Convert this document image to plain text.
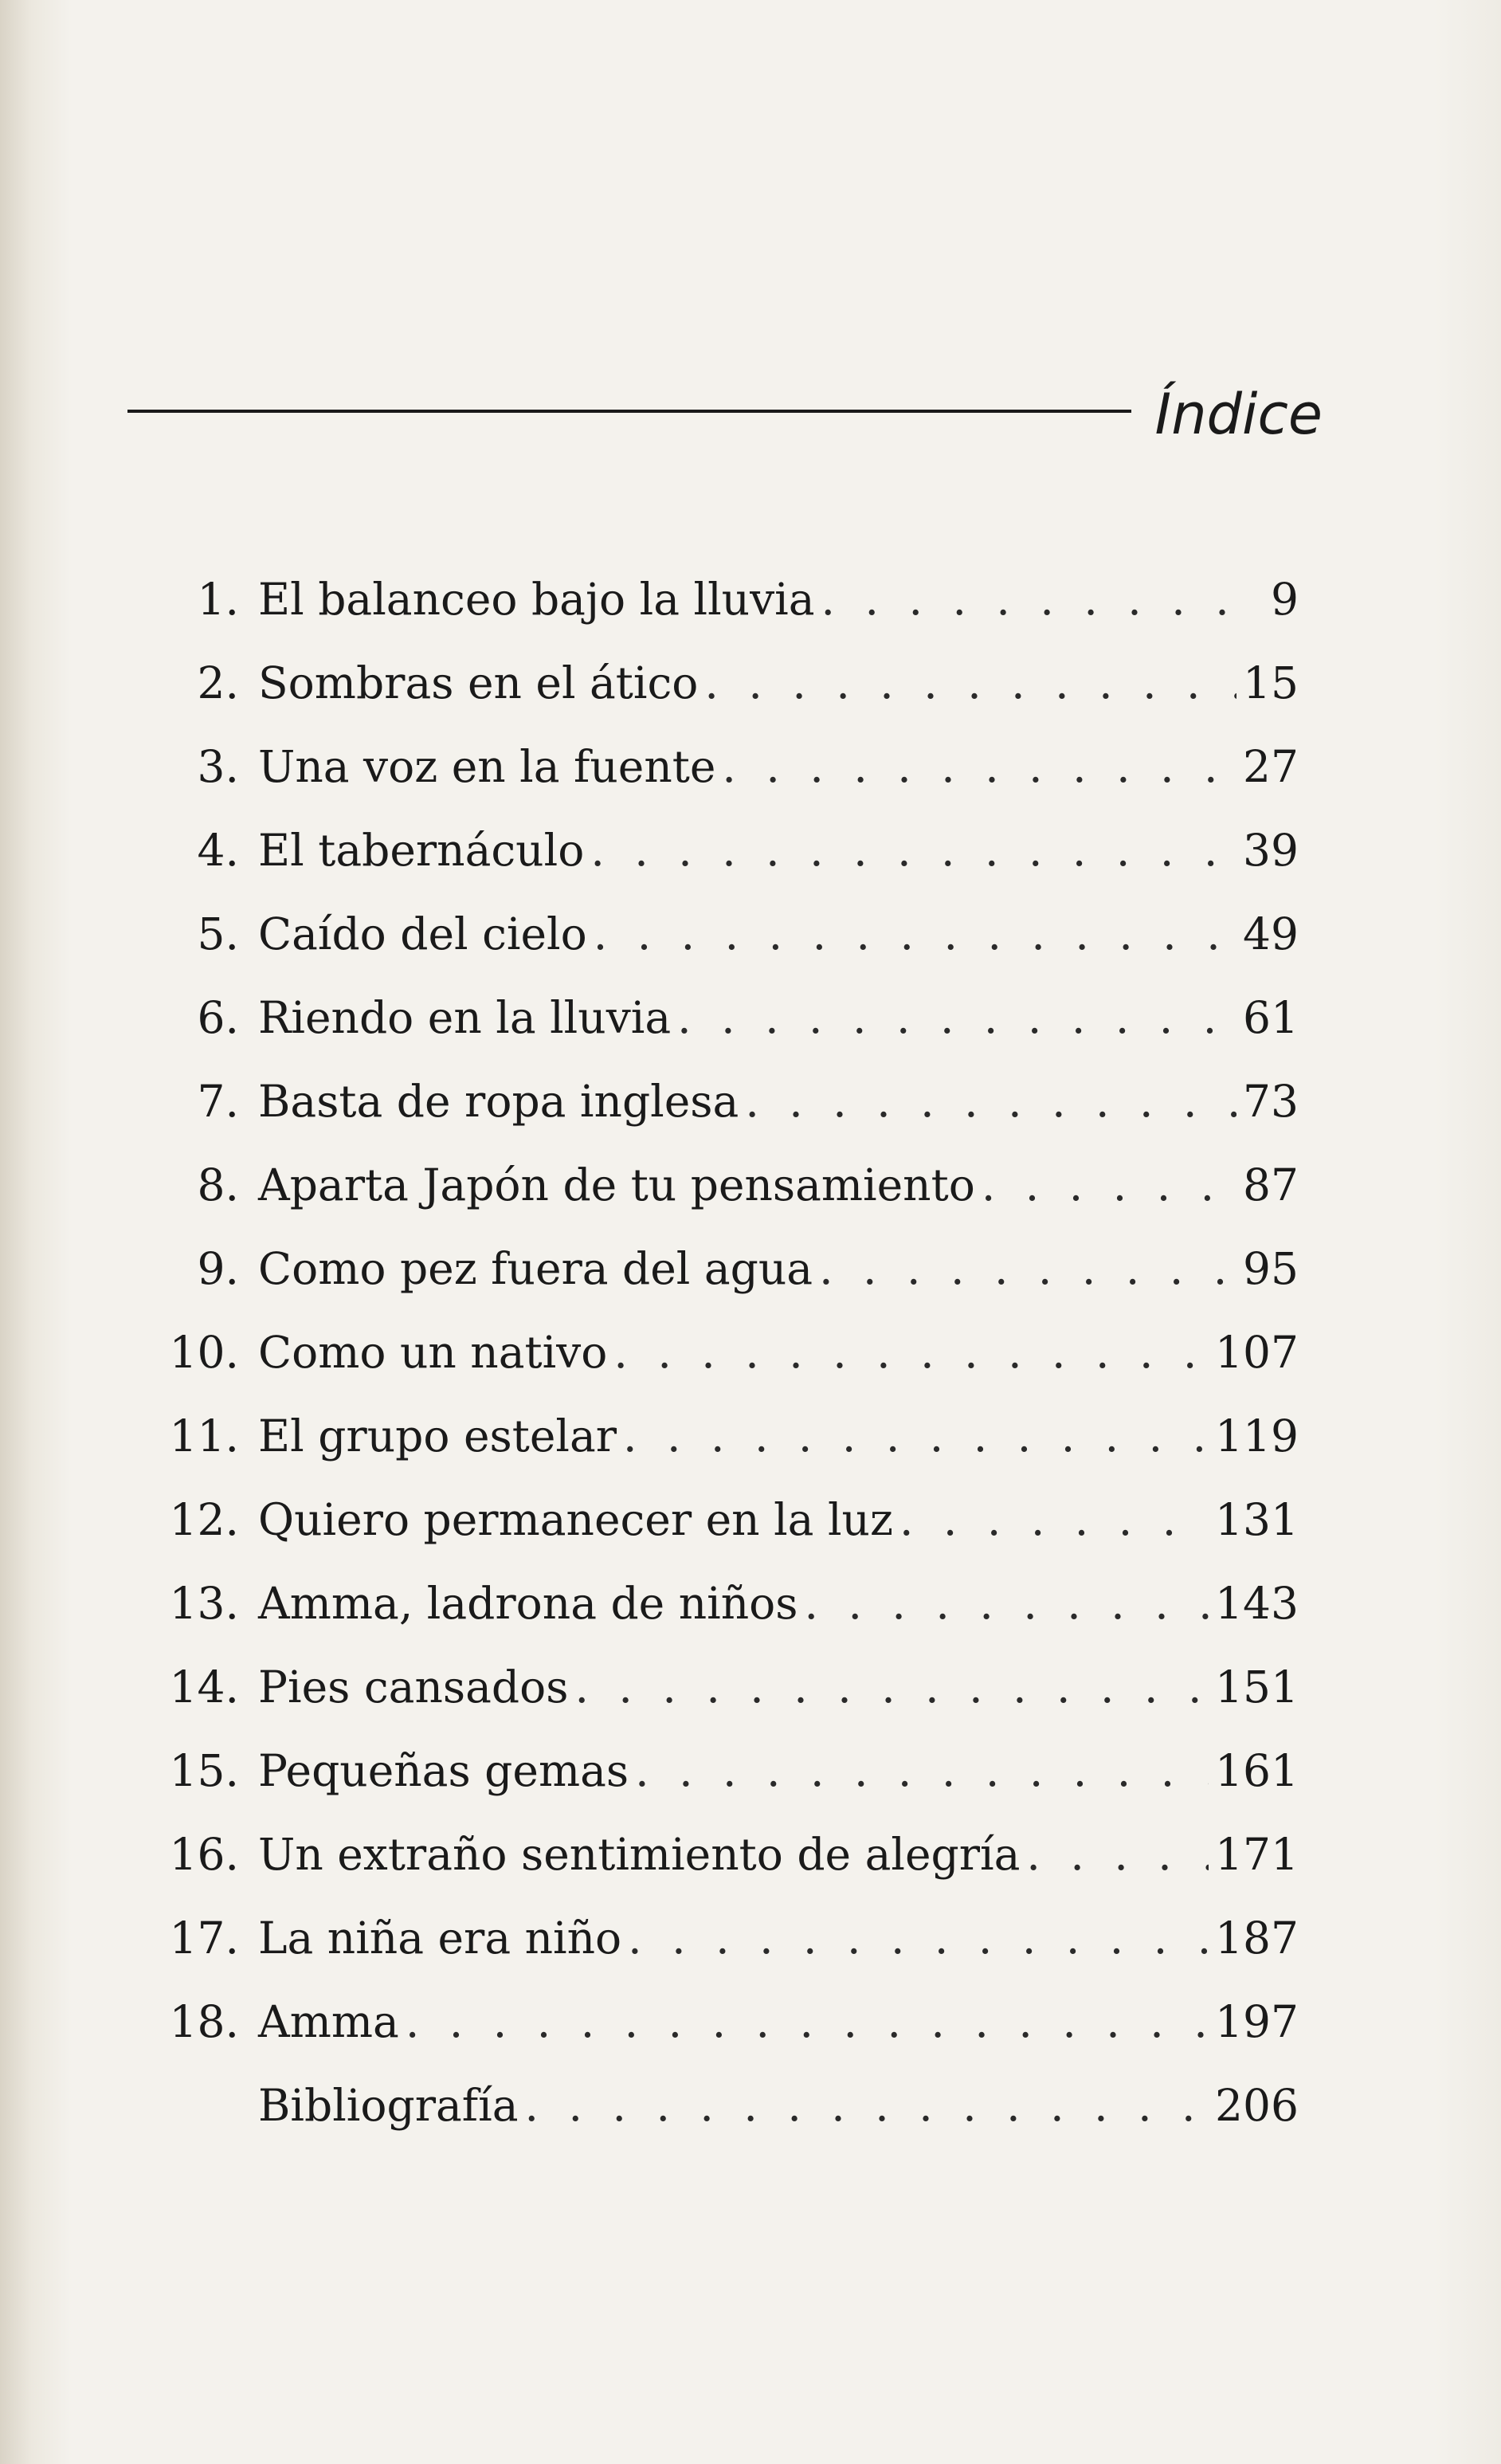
Índice
1. El balanceo bajo la lluvia . . .	9
2. Sombras en el ático . . .	15
3. Una voz en la fuente . . .	27
4. El tabernáculo . . .	39
5. Caído del cielo . . .	49
6. Riendo en la lluvia . . .	61
7. Basta de ropa inglesa . . .	73
8. Aparta Japón de tu pensamiento . . .	87
9. Como pez fuera del agua . . .	95
10. Como un nativo . . .	107
11. El grupo estelar . . .	119
12. Quiero permanecer en la luz . . .	131
13. Amma, ladrona de niños . . .	143
14. Pies cansados . . .	151
15. Pequeñas gemas . . .	161
16. Un extraño sentimiento de alegría . . .	171
17. La niña era niño . . .	187
18. Amma . . .	197
Bibliografía . . .	206
